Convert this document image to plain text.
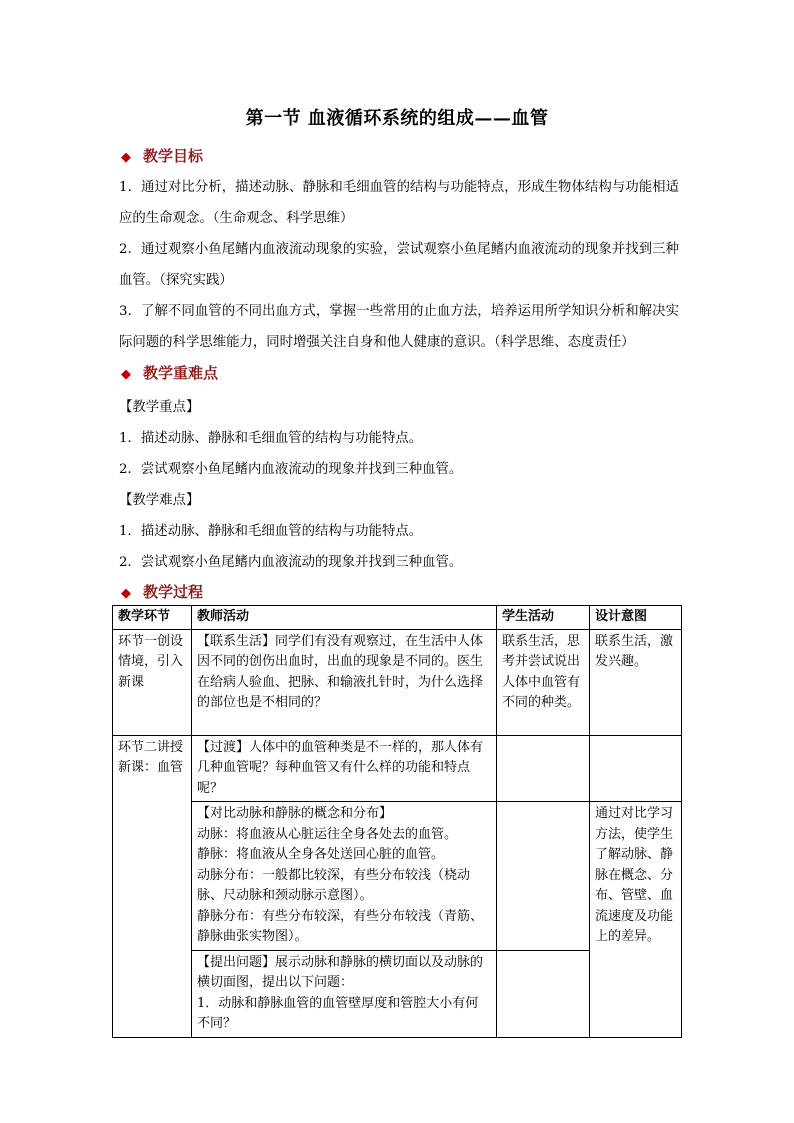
第一节 血液循环系统的组成——血管
◆ 教学目标
1．通过对比分析，描述动脉、静脉和毛细血管的结构与功能特点，形成生物体结构与功能相适应的生命观念。（生命观念、科学思维）
2．通过观察小鱼尾鳍内血液流动现象的实验，尝试观察小鱼尾鳍内血液流动的现象并找到三种血管。（探究实践）
3．了解不同血管的不同出血方式，掌握一些常用的止血方法，培养运用所学知识分析和解决实际问题的科学思维能力，同时增强关注自身和他人健康的意识。（科学思维、态度责任）
◆ 教学重难点
【教学重点】
1．描述动脉、静脉和毛细血管的结构与功能特点。
2．尝试观察小鱼尾鳍内血液流动的现象并找到三种血管。
【教学难点】
1．描述动脉、静脉和毛细血管的结构与功能特点。
2．尝试观察小鱼尾鳍内血液流动的现象并找到三种血管。
◆ 教学过程
教学环节	教师活动	学生活动	设计意图
环节一创设情境，引入新课	【联系生活】同学们有没有观察过，在生活中人体因不同的创伤出血时，出血的现象是不同的。医生在给病人验血、把脉、和输液扎针时，为什么选择的部位也是不相同的？	联系生活，思考并尝试说出人体中血管有不同的种类。	联系生活，激发兴趣。
环节二讲授新课：血管	【过渡】人体中的血管种类是不一样的，那人体有几种血管呢？每种血管又有什么样的功能和特点呢？		

	【对比动脉和静脉的概念和分布】
动脉：将血液从心脏运往全身各处去的血管。
静脉：将血液从全身各处送回心脏的血管。
动脉分布：一般都比较深，有些分布较浅（桡动脉、尺动脉和颈动脉示意图）。
静脉分布：有些分布较深，有些分布较浅（青筋、静脉曲张实物图）。		通过对比学习方法，使学生了解动脉、静脉在概念、分布、管壁、血流速度及功能上的差异。

	【提出问题】展示动脉和静脉的横切面以及动脉的横切面图，提出以下问题：
1．动脉和静脉血管的血管壁厚度和管腔大小有何不同？		
